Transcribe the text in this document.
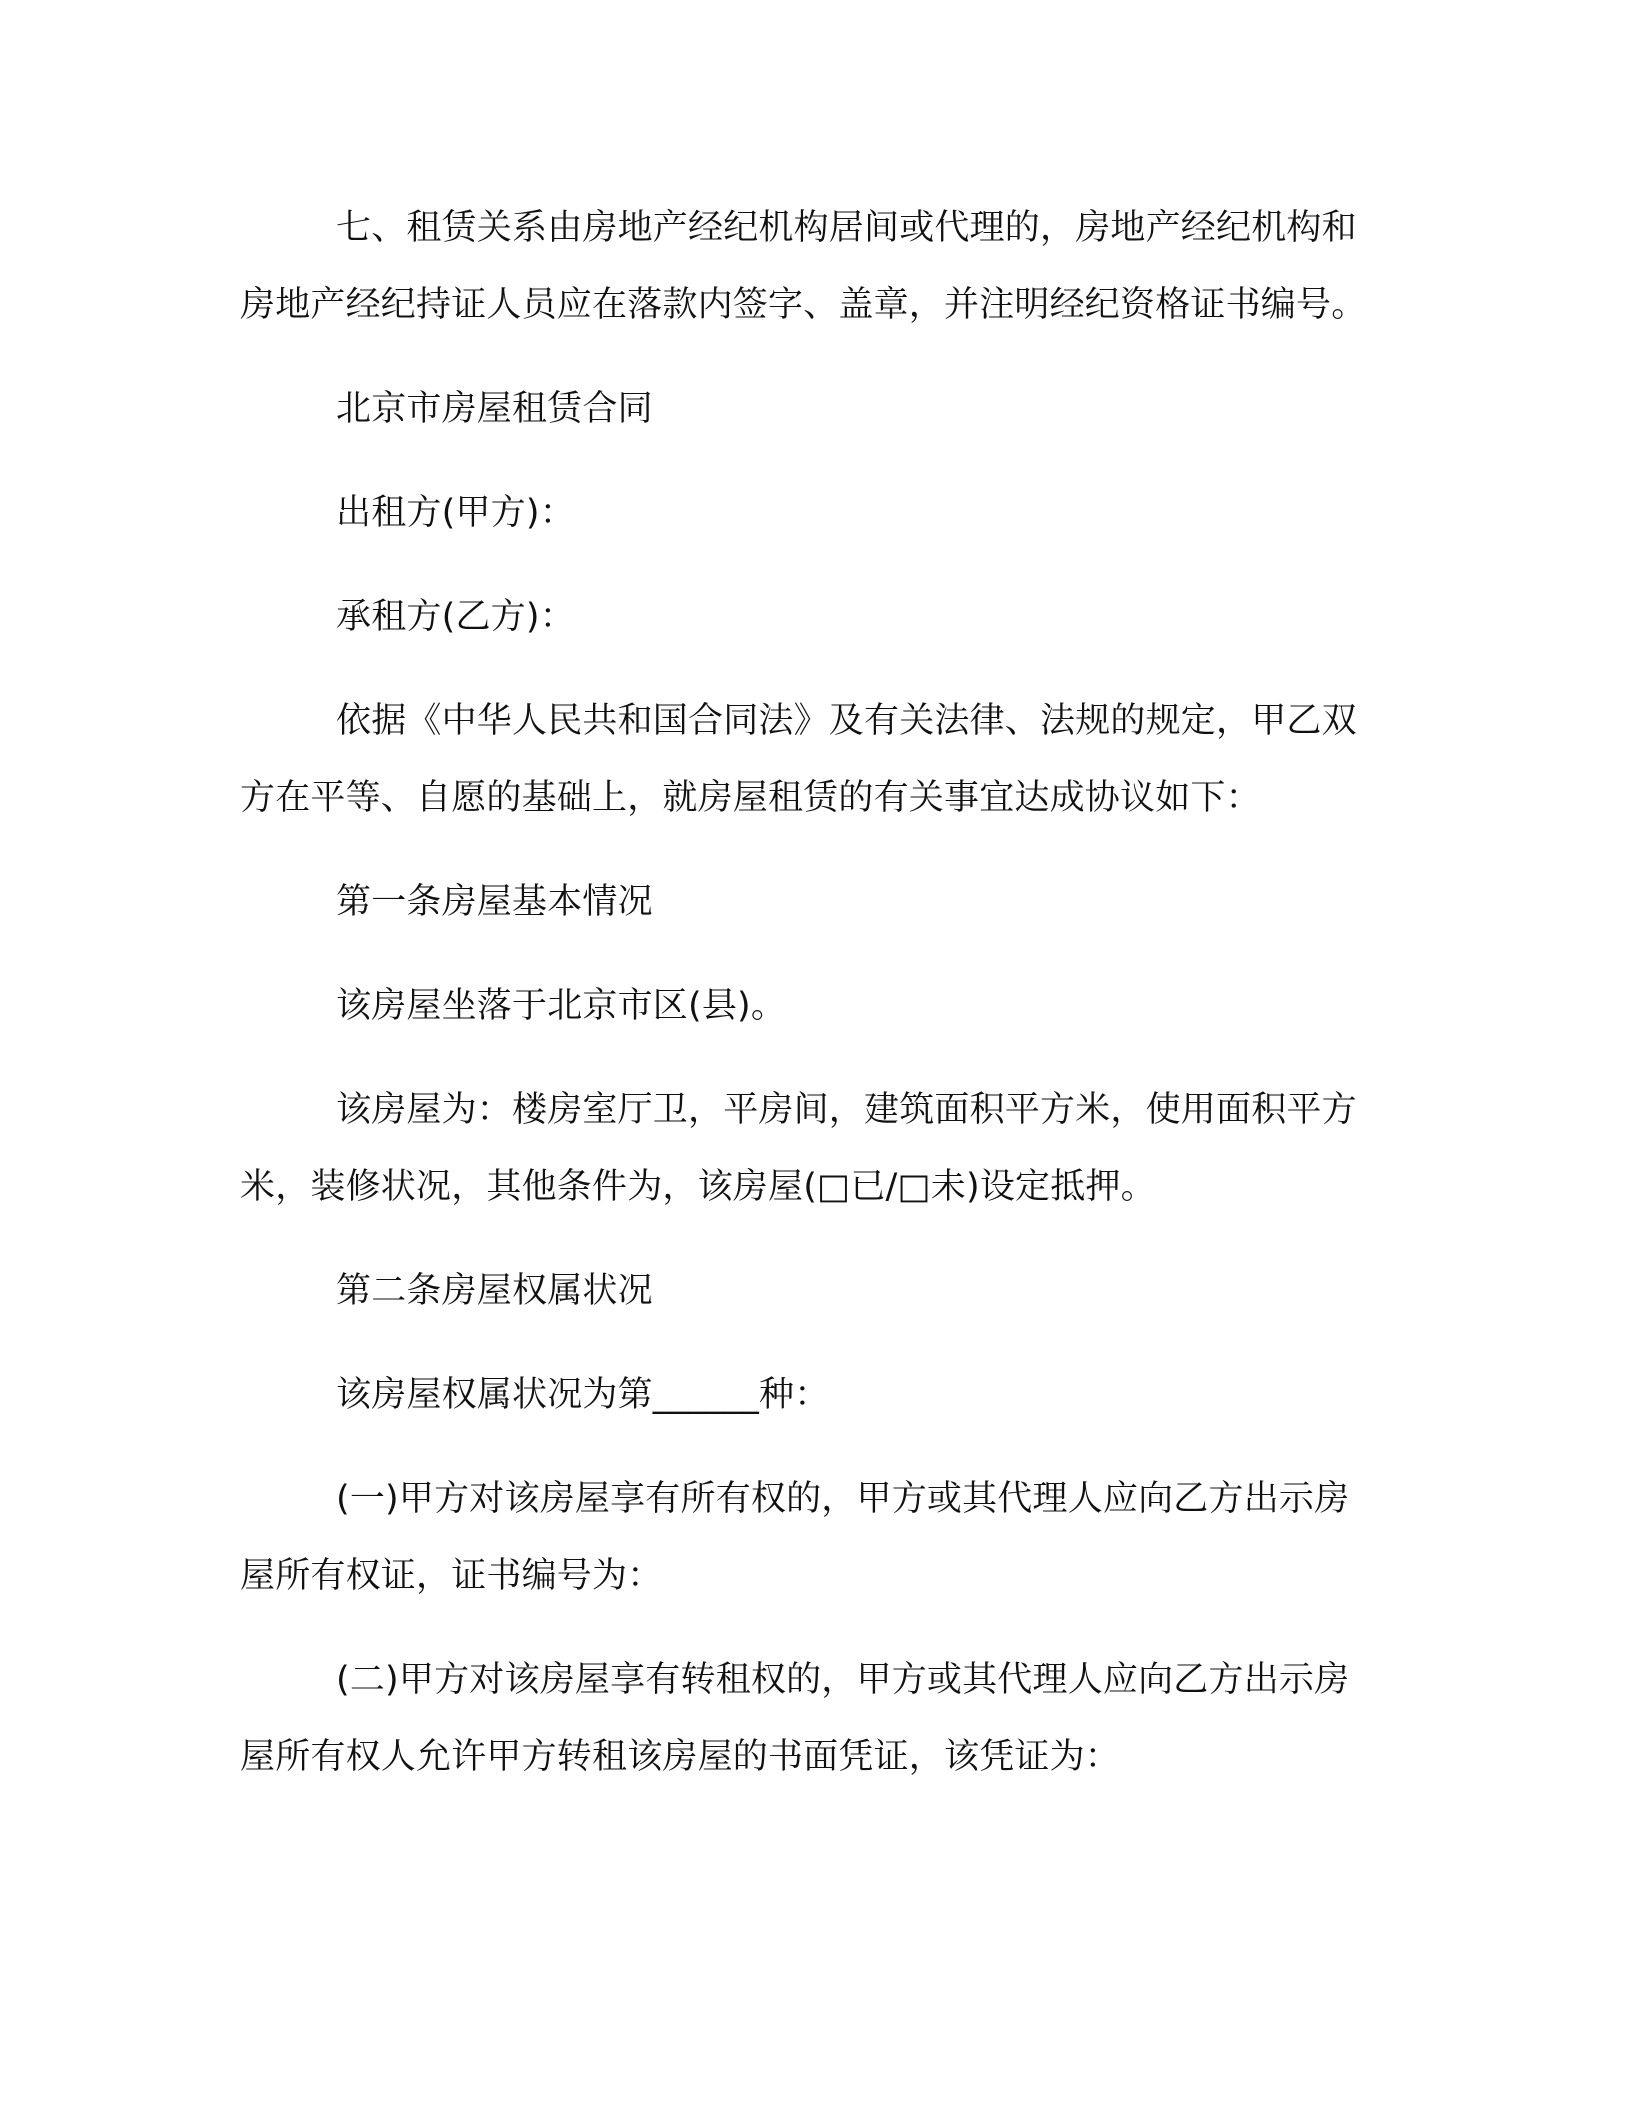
七、租赁关系由房地产经纪机构居间或代理的，房地产经纪机构和房地产经纪持证人员应在落款内签字、盖章，并注明经纪资格证书编号。

北京市房屋租赁合同

出租方(甲方)：

承租方(乙方)：

依据《中华人民共和国合同法》及有关法律、法规的规定，甲乙双方在平等、自愿的基础上，就房屋租赁的有关事宜达成协议如下：

第一条房屋基本情况

该房屋坐落于北京市区(县)。

该房屋为：楼房室厅卫，平房间，建筑面积平方米，使用面积平方米，装修状况，其他条件为，该房屋(□已/□未)设定抵押。

第二条房屋权属状况

该房屋权属状况为第______种：

(一)甲方对该房屋享有所有权的，甲方或其代理人应向乙方出示房屋所有权证，证书编号为：

(二)甲方对该房屋享有转租权的，甲方或其代理人应向乙方出示房屋所有权人允许甲方转租该房屋的书面凭证，该凭证为：
